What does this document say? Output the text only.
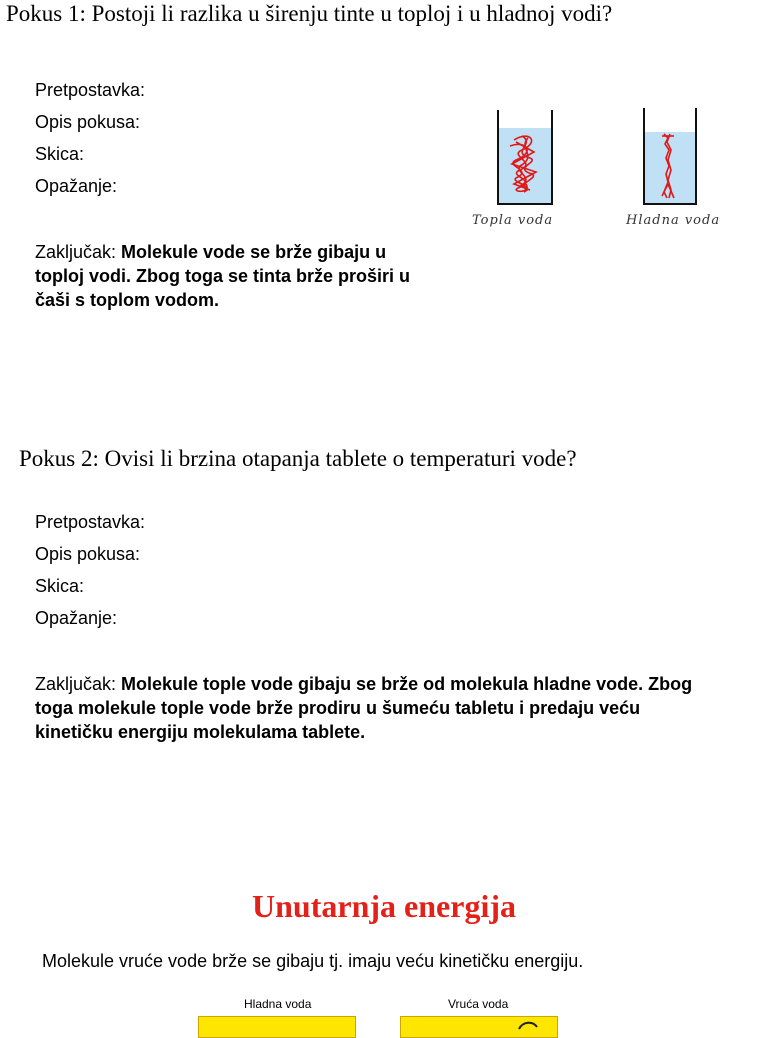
Pokus 1: Postoji li razlika u širenju tinte u toploj i u hladnoj vodi?
Pretpostavka:
Opis pokusa:
Skica:
Opažanje:
Zaključak: Molekule vode se brže gibaju u toploj vodi. Zbog toga se tinta brže proširi u čaši s toplom vodom.
Topla voda	Hladna voda
Pokus 2: Ovisi li brzina otapanja tablete o temperaturi vode?
Pretpostavka:
Opis pokusa:
Skica:
Opažanje:
Zaključak: Molekule tople vode gibaju se brže od molekula hladne vode. Zbog toga molekule tople vode brže prodiru u šumeću tabletu i predaju veću kinetičku energiju molekulama tablete.
Unutarnja energija
Molekule vruće vode brže se gibaju tj. imaju veću kinetičku energiju.
Hladna voda	Vruća voda
